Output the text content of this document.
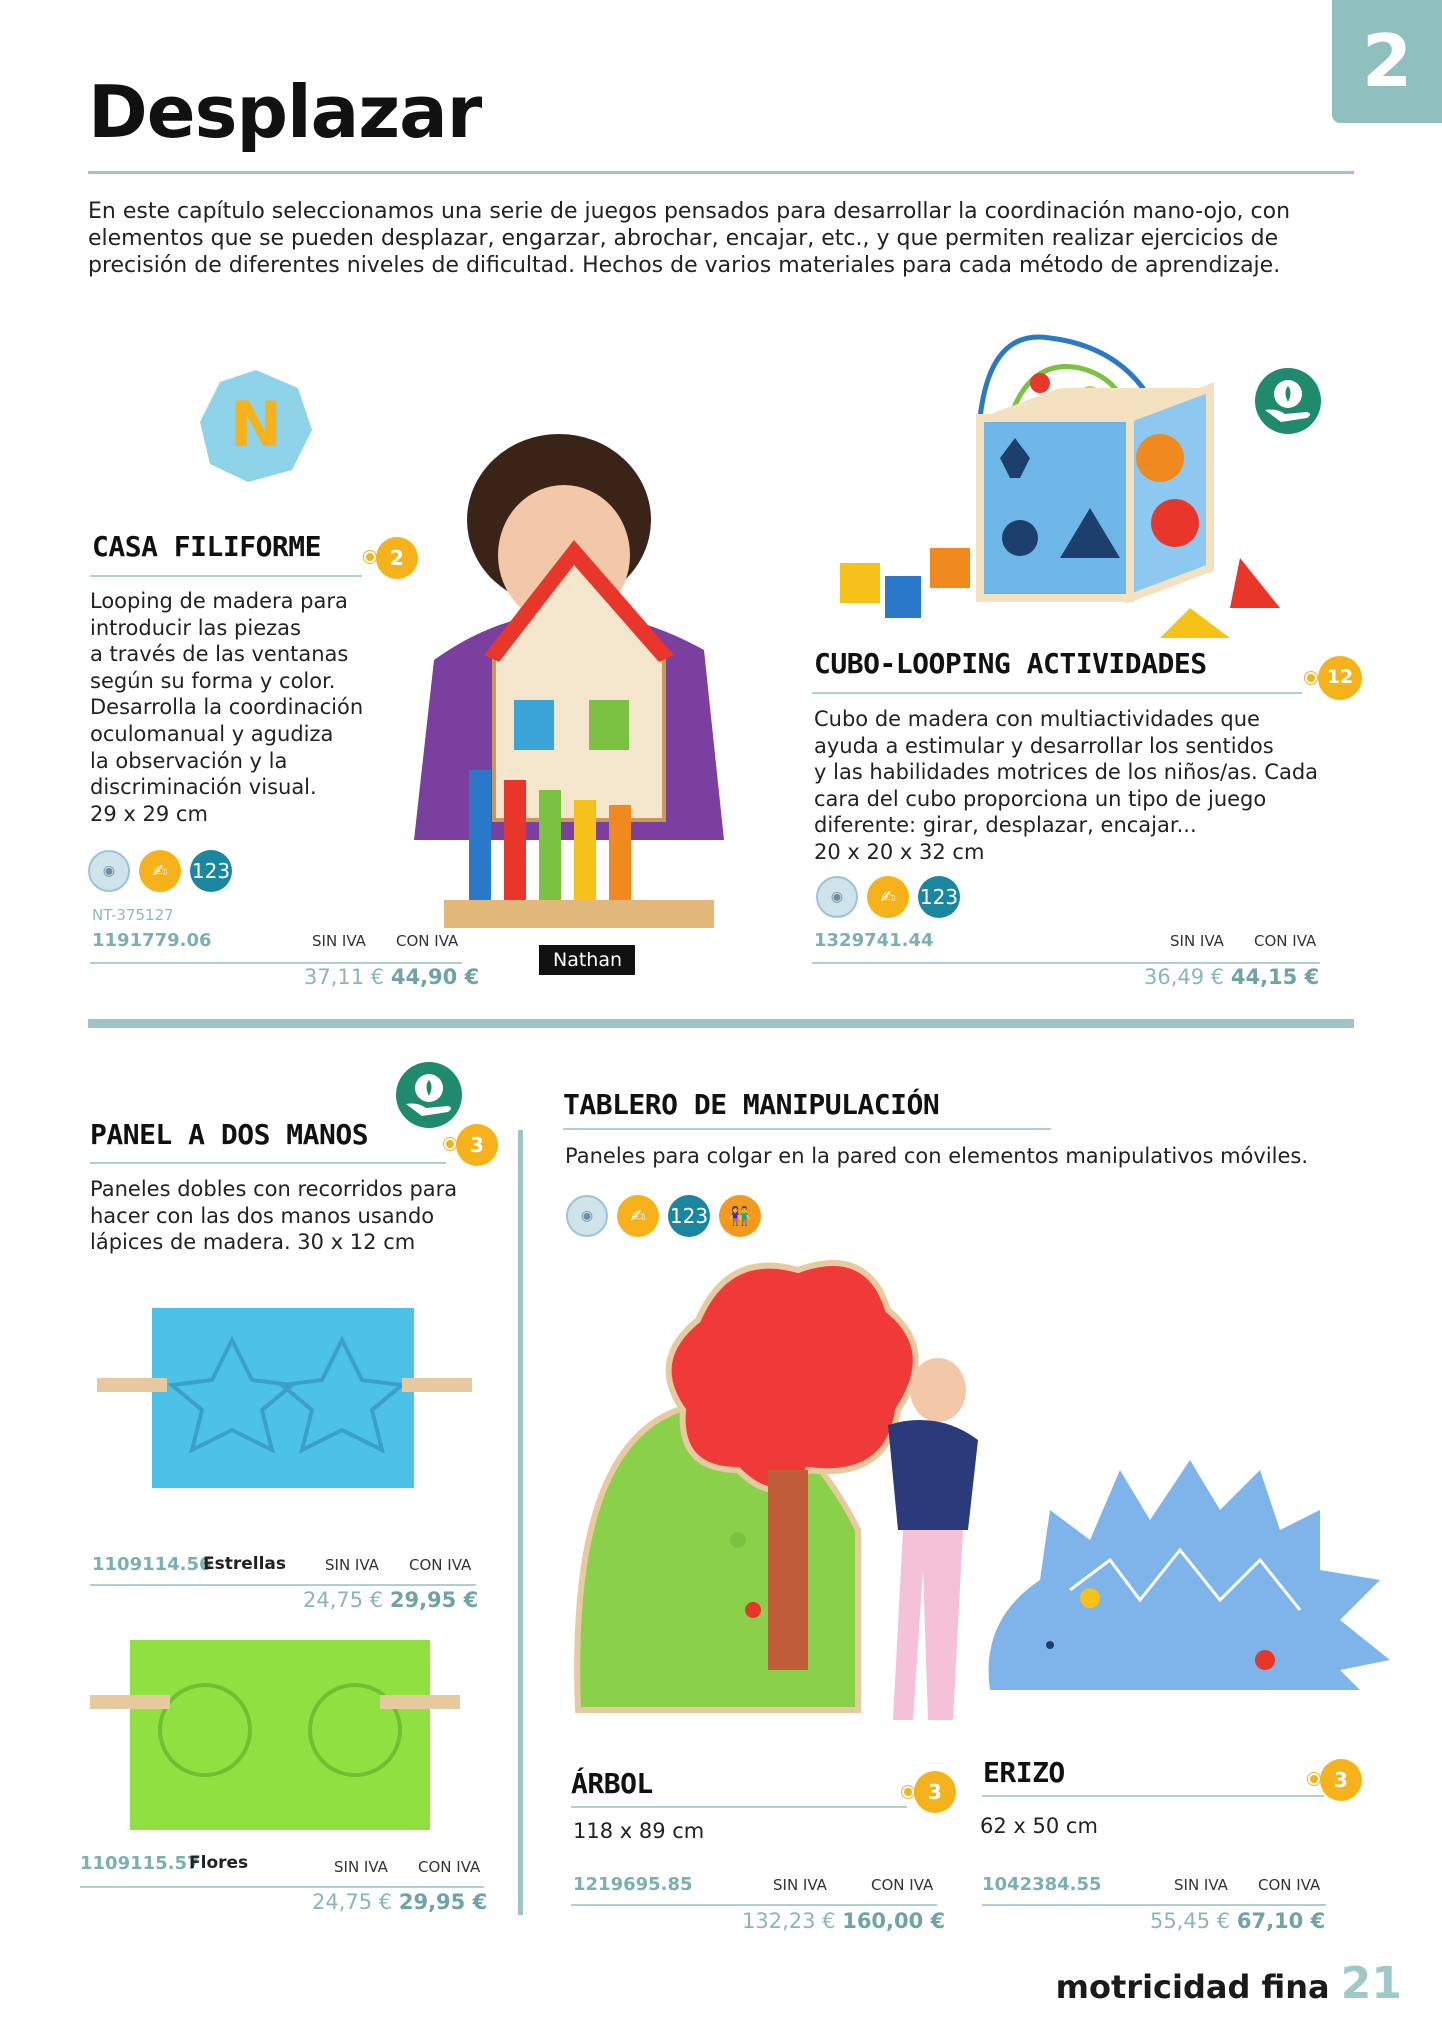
2
Desplazar
En este capítulo seleccionamos una serie de juegos pensados para desarrollar la coordinación mano-ojo, con elementos que se pueden desplazar, engarzar, abrochar, encajar, etc., y que permiten realizar ejercicios de precisión de diferentes niveles de dificultad. Hechos de varios materiales para cada método de aprendizaje.
N
CASA FILIFORME	2
Looping de madera para
introducir las piezas
a través de las ventanas
según su forma y color.
Desarrolla la coordinación
oculomanual y agudiza
la observación y la
discriminación visual.
29 x 29 cm
◉	✍	123
NT-375127
1191779.06	SIN IVA CON IVA
37,11 € 44,90 €
Nathan
CUBO-LOOPING ACTIVIDADES	12
Cubo de madera con multiactividades que
ayuda a estimular y desarrollar los sentidos
y las habilidades motrices de los niños/as. Cada
cara del cubo proporciona un tipo de juego
diferente: girar, desplazar, encajar...
20 x 20 x 32 cm
◉	✍	123
1329741.44	SIN IVA CON IVA
36,49 € 44,15 €
PANEL A DOS MANOS	3
Paneles dobles con recorridos para
hacer con las dos manos usando
lápices de madera. 30 x 12 cm
1109114.56
Estrellas	SIN IVA CON IVA
24,75 € 29,95 €
1109115.57
Flores	SIN IVA CON IVA
24,75 € 29,95 €
TABLERO DE MANIPULACIÓN
Paneles para colgar en la pared con elementos manipulativos móviles.
◉	✍	123	👫
ÁRBOL	3
118 x 89 cm
1219695.85	SIN IVA	CON IVA
132,23 € 160,00 €
ERIZO	3
62 x 50 cm
1042384.55	SIN IVA CON IVA
55,45 € 67,10 €
motricidad fina 21
